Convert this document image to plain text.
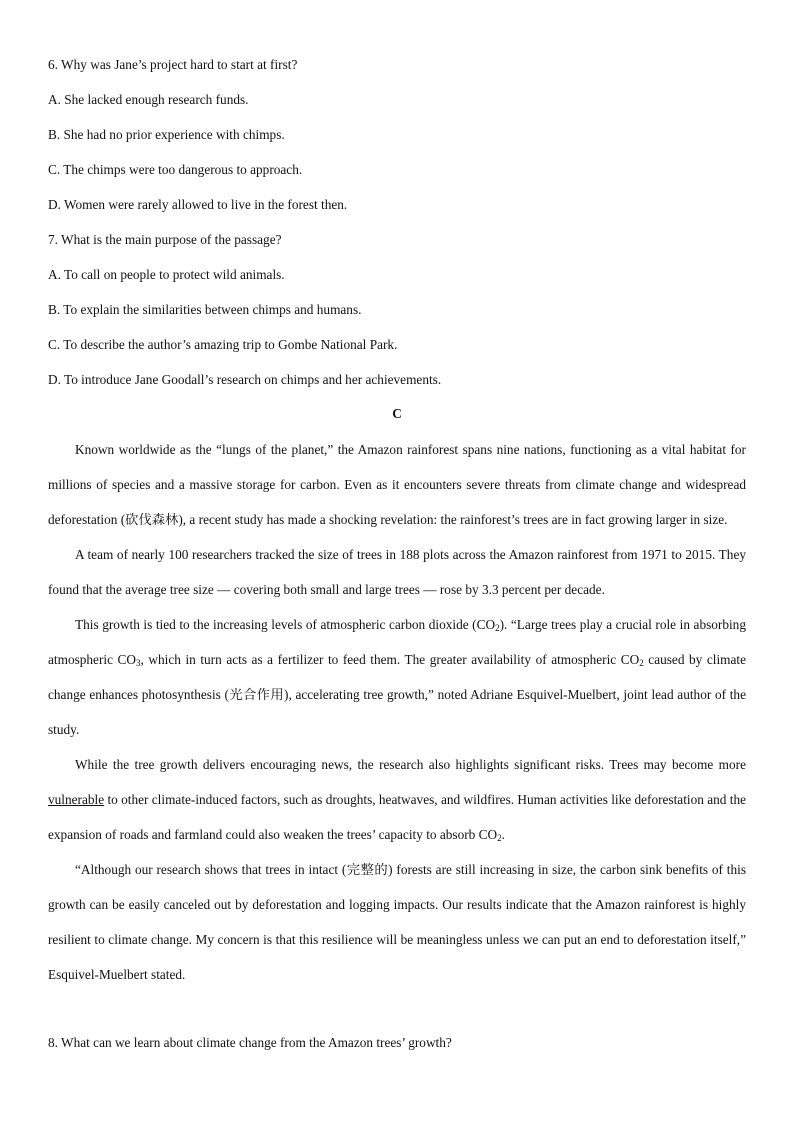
6. Why was Jane’s project hard to start at first?
A. She lacked enough research funds.
B. She had no prior experience with chimps.
C. The chimps were too dangerous to approach.
D. Women were rarely allowed to live in the forest then.
7. What is the main purpose of the passage?
A. To call on people to protect wild animals.
B. To explain the similarities between chimps and humans.
C. To describe the author’s amazing trip to Gombe National Park.
D. To introduce Jane Goodall’s research on chimps and her achievements.
C

Known worldwide as the “lungs of the planet,” the Amazon rainforest spans nine nations, functioning as a vital habitat for millions of species and a massive storage for carbon. Even as it encounters severe threats from climate change and widespread deforestation (砍伐森林), a recent study has made a shocking revelation: the rainforest’s trees are in fact growing larger in size.

A team of nearly 100 researchers tracked the size of trees in 188 plots across the Amazon rainforest from 1971 to 2015. They found that the average tree size — covering both small and large trees — rose by 3.3 percent per decade.

This growth is tied to the increasing levels of atmospheric carbon dioxide $(CO_2)$. “Large trees play a crucial role in absorbing atmospheric $CO_3$, which in turn acts as a fertilizer to feed them. The greater availability of atmospheric $CO_2$ caused by climate change enhances photosynthesis (光合作用), accelerating tree growth,” noted Adriane Esquivel-Muelbert, joint lead author of the study.

While the tree growth delivers encouraging news, the research also highlights significant risks. Trees may become more vulnerable to other climate-induced factors, such as droughts, heatwaves, and wildfires. Human activities like deforestation and the expansion of roads and farmland could also weaken the trees’ capacity to absorb $CO_2$.

“Although our research shows that trees in intact (完整的) forests are still increasing in size, the carbon sink benefits of this growth can be easily canceled out by deforestation and logging impacts. Our results indicate that the Amazon rainforest is highly resilient to climate change. My concern is that this resilience will be meaningless unless we can put an end to deforestation itself,” Esquivel-Muelbert stated.

8. What can we learn about climate change from the Amazon trees’ growth?
